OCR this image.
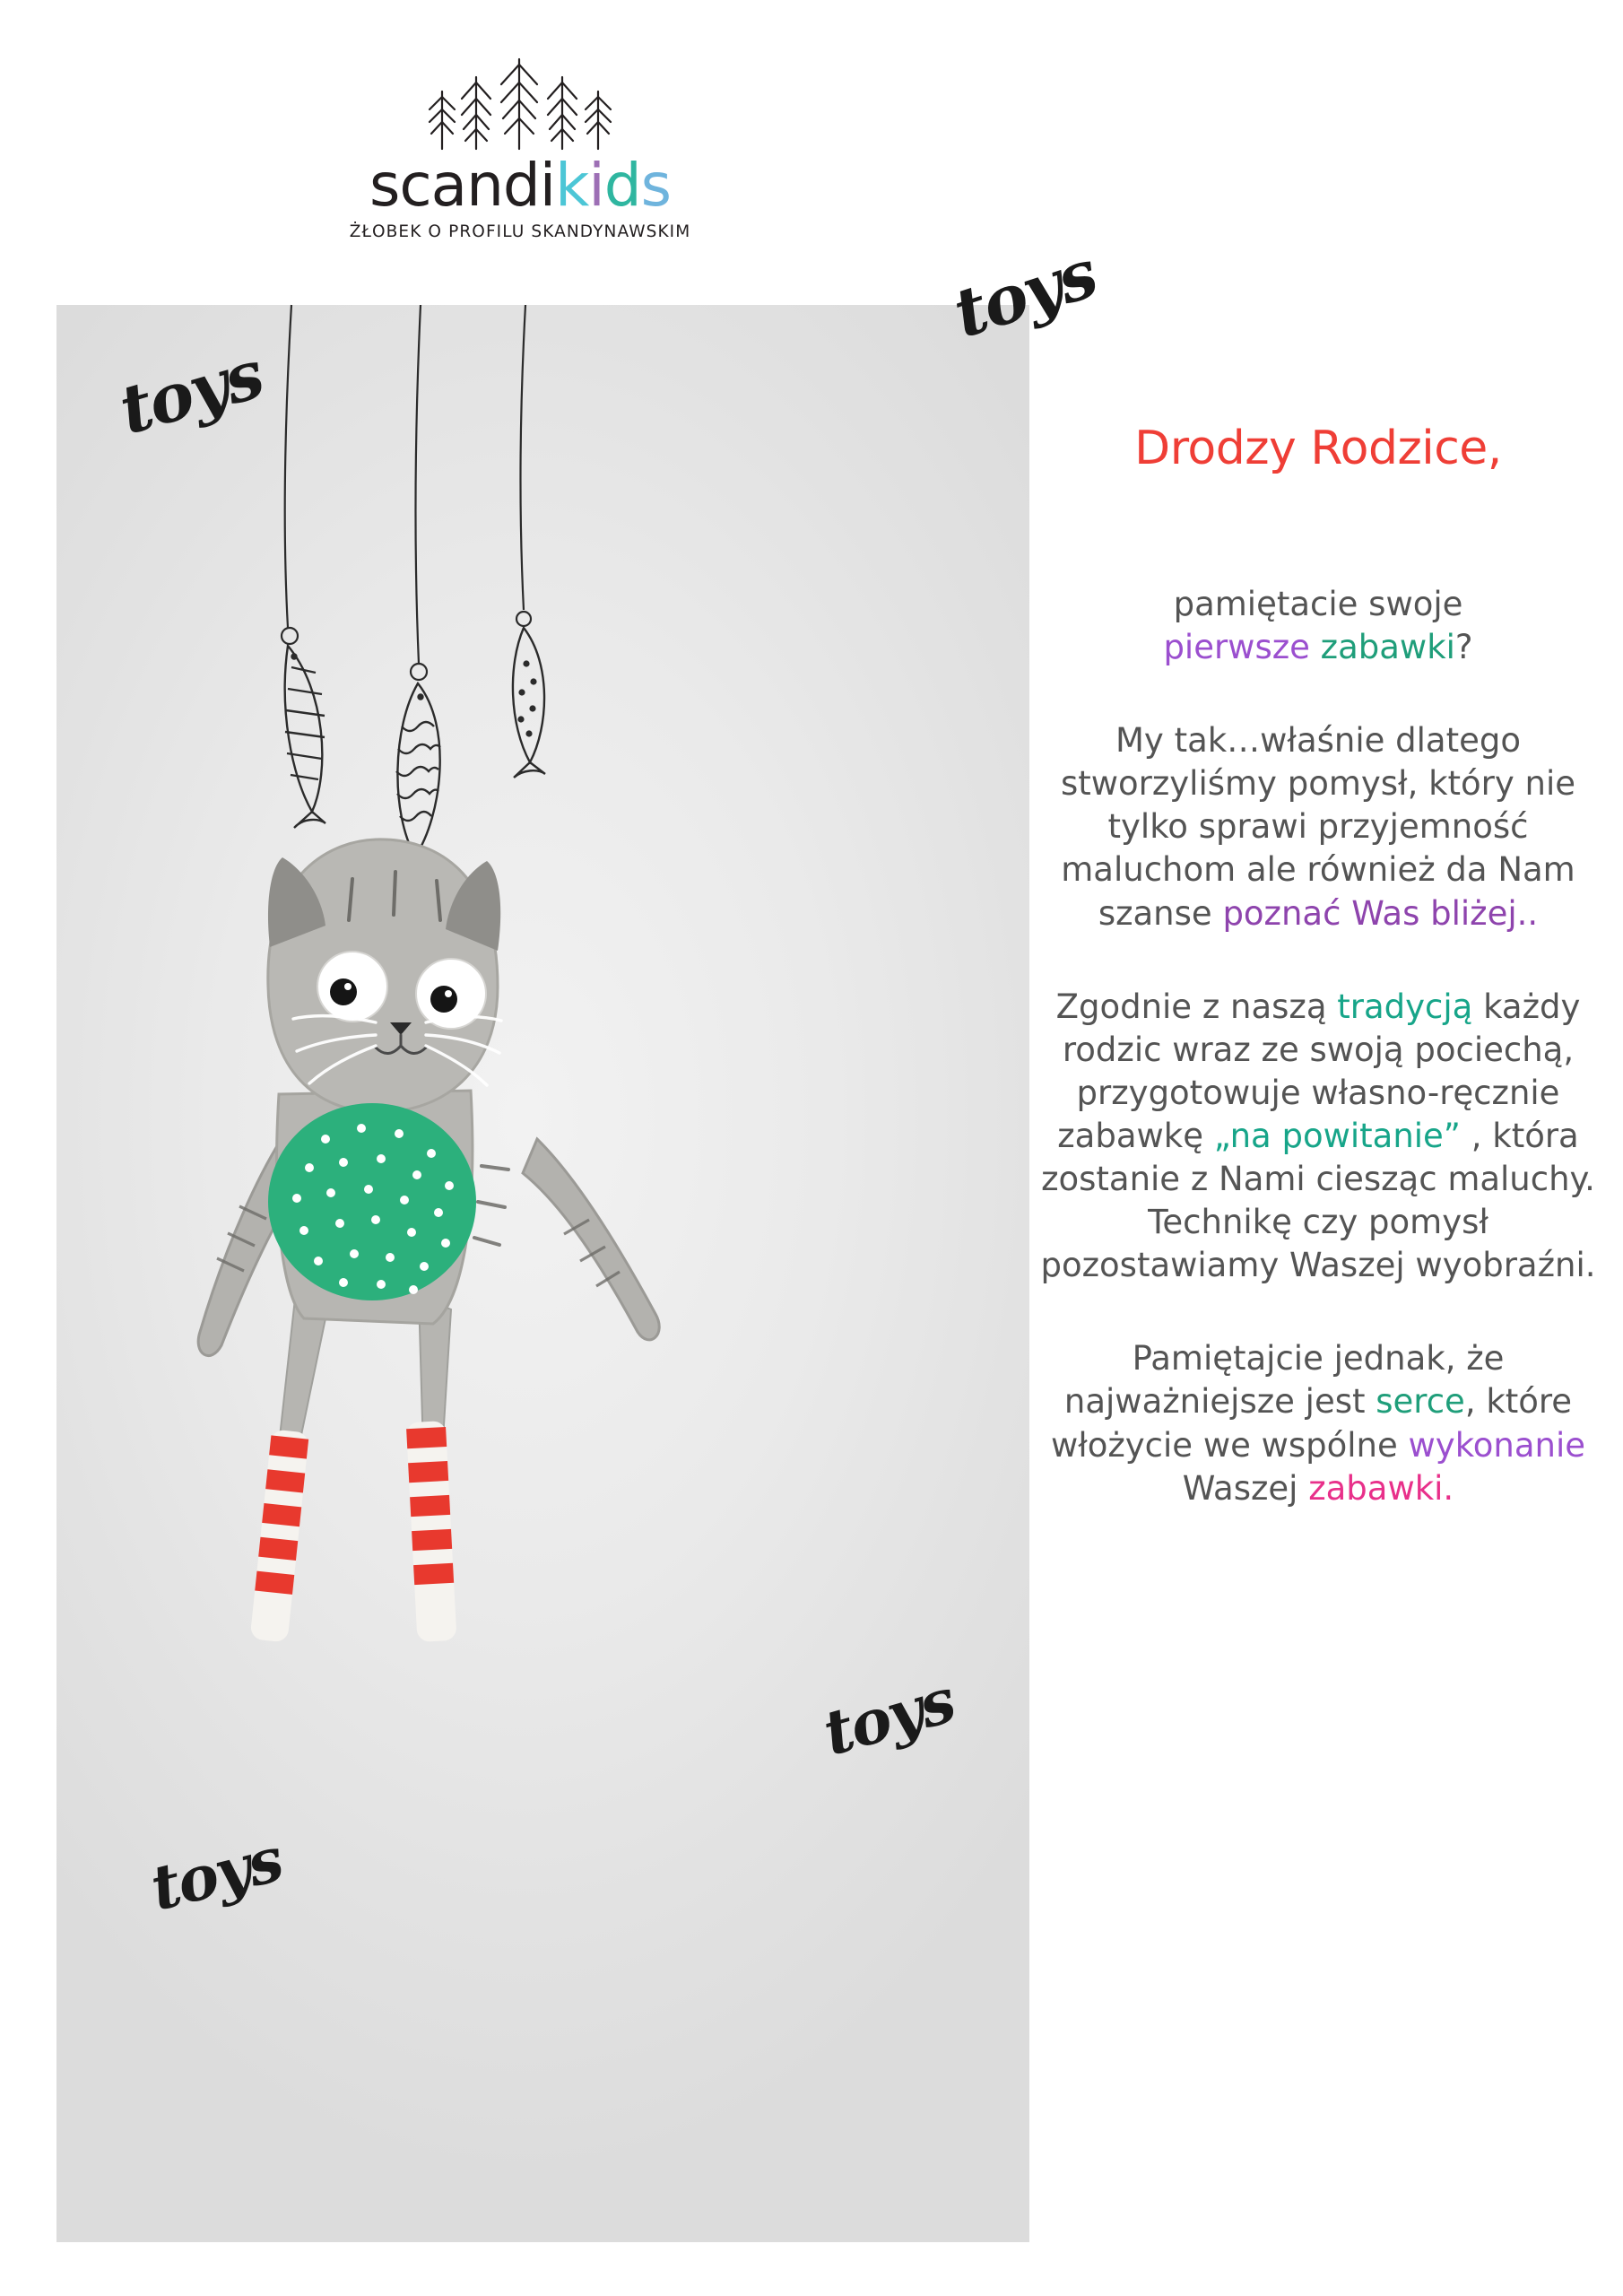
scandikids
ŻŁOBEK O PROFILU SKANDYNAWSKIM
toys
toys
toys
toys
Drodzy Rodzice,
pamiętacie swoje
pierwsze zabawki?
My tak…właśnie dlatego stworzyliśmy pomysł, który nie tylko sprawi przyjemność maluchom ale również da Nam szanse poznać Was bliżej..
Zgodnie z naszą tradycją każdy rodzic wraz ze swoją pociechą, przygotowuje własno-ręcznie zabawkę „na powitanie” , która zostanie z Nami ciesząc maluchy. Technikę czy pomysł pozostawiamy Waszej wyobraźni.
Pamiętajcie jednak, że najważniejsze jest serce, które włożycie we wspólne wykonanie Waszej zabawki.
